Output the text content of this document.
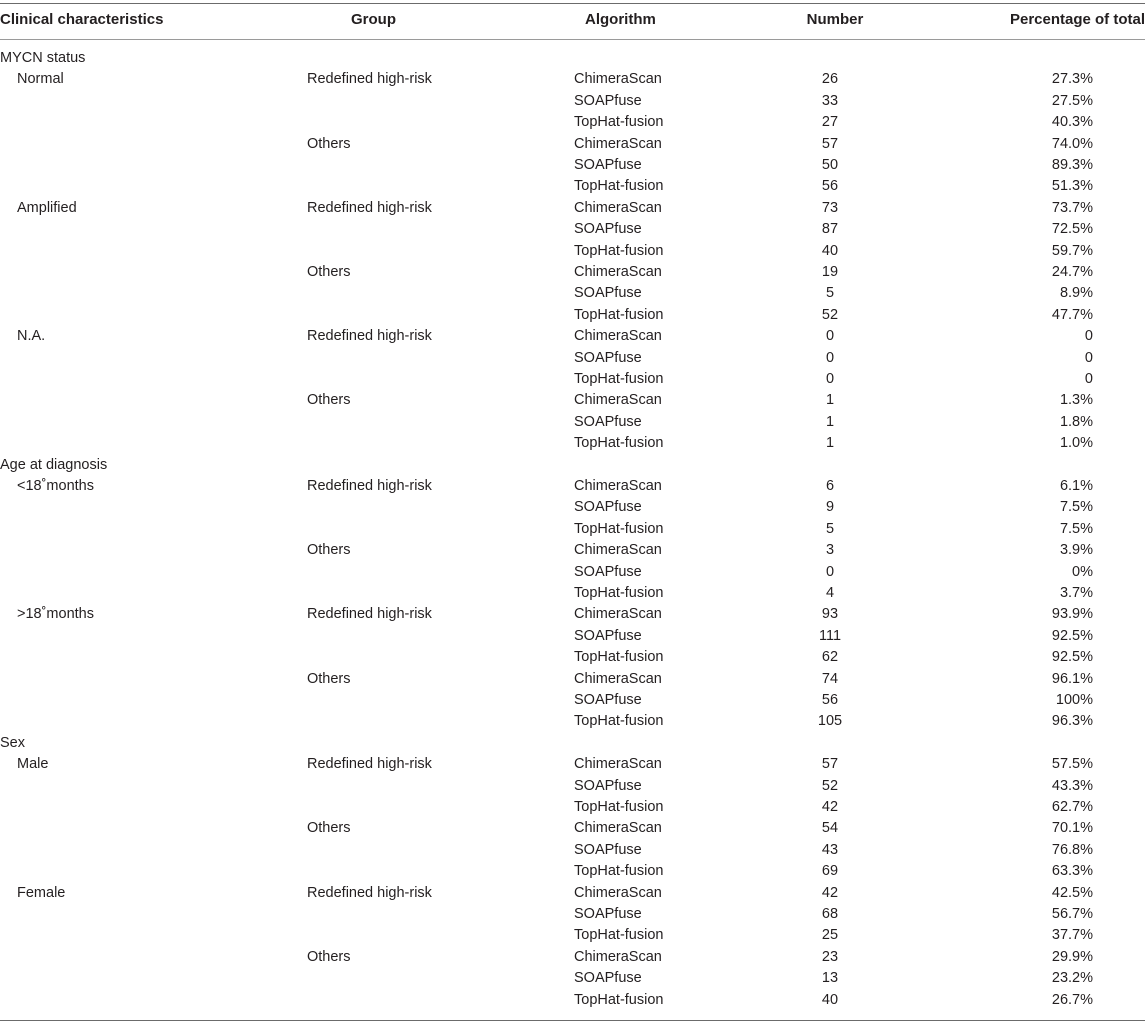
Clinical characteristics	Group	Algorithm	Number	Percentage of total
MYCN status
Normal	Redefined high-risk	ChimeraScan	26	27.3%
SOAPfuse	33	27.5%
TopHat-fusion	27	40.3%
Others	ChimeraScan	57	74.0%
SOAPfuse	50	89.3%
TopHat-fusion	56	51.3%
Amplified	Redefined high-risk	ChimeraScan	73	73.7%
SOAPfuse	87	72.5%
TopHat-fusion	40	59.7%
Others	ChimeraScan	19	24.7%
SOAPfuse	5	8.9%
TopHat-fusion	52	47.7%
N.A.	Redefined high-risk	ChimeraScan	0	0
SOAPfuse	0	0
TopHat-fusion	0	0
Others	ChimeraScan	1	1.3%
SOAPfuse	1	1.8%
TopHat-fusion	1	1.0%
Age at diagnosis
<18˚months	Redefined high-risk	ChimeraScan	6	6.1%
SOAPfuse	9	7.5%
TopHat-fusion	5	7.5%
Others	ChimeraScan	3	3.9%
SOAPfuse	0	0%
TopHat-fusion	4	3.7%
>18˚months	Redefined high-risk	ChimeraScan	93	93.9%
SOAPfuse	111	92.5%
TopHat-fusion	62	92.5%
Others	ChimeraScan	74	96.1%
SOAPfuse	56	100%
TopHat-fusion	105	96.3%
Sex
Male	Redefined high-risk	ChimeraScan	57	57.5%
SOAPfuse	52	43.3%
TopHat-fusion	42	62.7%
Others	ChimeraScan	54	70.1%
SOAPfuse	43	76.8%
TopHat-fusion	69	63.3%
Female	Redefined high-risk	ChimeraScan	42	42.5%
SOAPfuse	68	56.7%
TopHat-fusion	25	37.7%
Others	ChimeraScan	23	29.9%
SOAPfuse	13	23.2%
TopHat-fusion	40	26.7%
